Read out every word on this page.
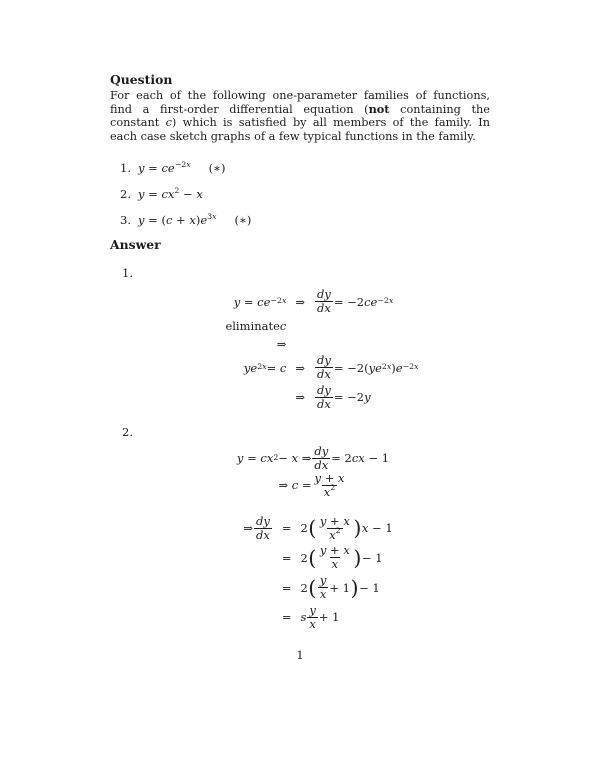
Question

For each of the following one-parameter families of functions, find a first-order differential equation (not containing the constant c) which is satisfied by all members of the family. In each case sketch graphs of a few typical functions in the family.

1. $y = ce^{-2x}$ (∗)
2. $y = cx^2 - x$
3. $y = (c + x)e^{3x}$ (∗)
Answer
1.
y = ce $^{-2x}$ ⇒ $\frac{dy}{dx} = -2ce$ $^{-2x}$
eliminate c
⇒
ye $^{2x}$ = c ⇒ $\frac{dy}{dx} = -2(ye$ $^{2x}$ )e $^{-2x}$
⇒ $\frac{dy}{dx} = -2y$
2.
y = cx $^2$ − x ⇒ $\frac{dy}{dx} = 2cx - 1$
⇒ $c = \frac{y + x}{x^2}$
⇒ $\frac{dy}{dx} = 2$ ( $\frac{y + x}{x^2}$ ) x − 1
= 2 ( $\frac{y + x}{x}$ ) − 1
= 2 ( $\frac{y}{x} + 1$ ) − 1
= s $\frac{y}{x} + 1$
1
